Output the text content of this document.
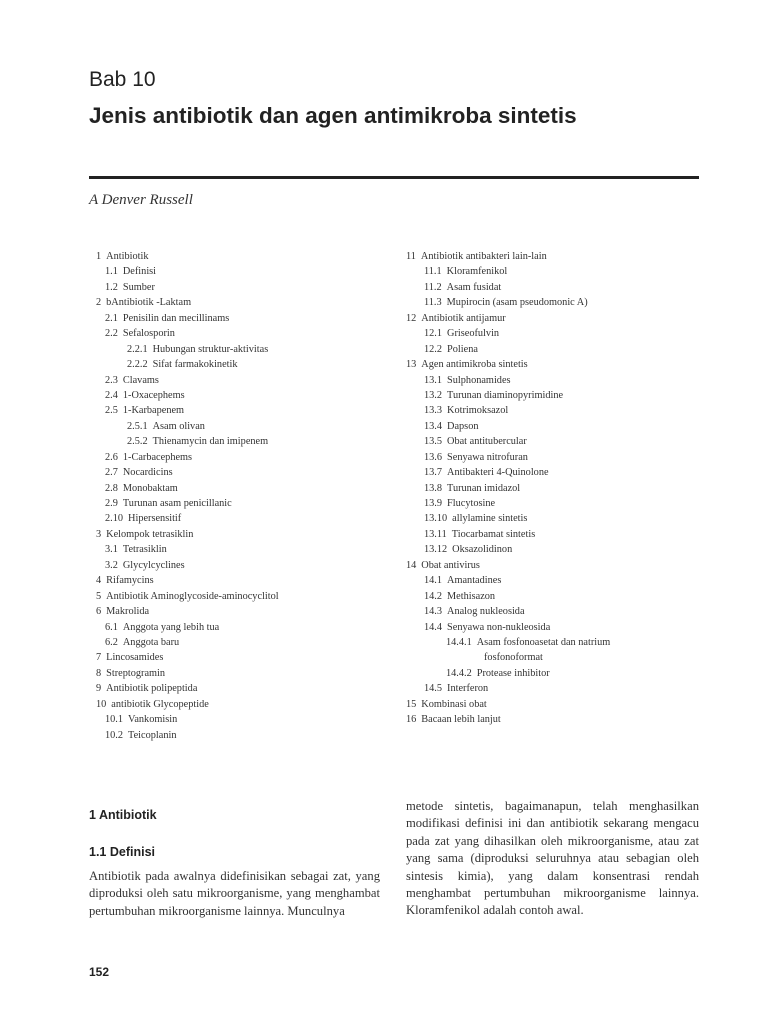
Bab 10
Jenis antibiotik dan agen antimikroba sintetis
A Denver Russell
1 Antibiotik
1.1 Definisi
1.2 Sumber
2 bAntibiotik -Laktam
2.1 Penisilin dan mecillinams
2.2 Sefalosporin
2.2.1 Hubungan struktur-aktivitas
2.2.2 Sifat farmakokinetik
2.3 Clavams
2.4 1-Oxacephems
2.5 1-Karbapenem
2.5.1 Asam olivan
2.5.2 Thienamycin dan imipenem
2.6 1-Carbacephems
2.7 Nocardicins
2.8 Monobaktam
2.9 Turunan asam penicillanic
2.10 Hipersensitif
3 Kelompok tetrasiklin
3.1 Tetrasiklin
3.2 Glycylcyclines
4 Rifamycins
5 Antibiotik Aminoglycoside-aminocyclitol
6 Makrolida
6.1 Anggota yang lebih tua
6.2 Anggota baru
7 Lincosamides
8 Streptogramin
9 Antibiotik polipeptida
10 antibiotik Glycopeptide
10.1 Vankomisin
10.2 Teicoplanin
11 Antibiotik antibakteri lain-lain
11.1 Kloramfenikol
11.2 Asam fusidat
11.3 Mupirocin (asam pseudomonic A)
12 Antibiotik antijamur
12.1 Griseofulvin
12.2 Poliena
13 Agen antimikroba sintetis
13.1 Sulphonamides
13.2 Turunan diaminopyrimidine
13.3 Kotrimoksazol
13.4 Dapson
13.5 Obat antitubercular
13.6 Senyawa nitrofuran
13.7 Antibakteri 4-Quinolone
13.8 Turunan imidazol
13.9 Flucytosine
13.10 allylamine sintetis
13.11 Tiocarbamat sintetis
13.12 Oksazolidinon
14 Obat antivirus
14.1 Amantadines
14.2 Methisazon
14.3 Analog nukleosida
14.4 Senyawa non-nukleosida
14.4.1 Asam fosfonoasetat dan natrium
fosfonoformat
14.4.2 Protease inhibitor
14.5 Interferon
15 Kombinasi obat
16 Bacaan lebih lanjut
1 Antibiotik
1.1 Definisi
Antibiotik pada awalnya didefinisikan sebagai zat, yang diproduksi oleh satu mikroorganisme, yang menghambat pertumbuhan mikroorganisme lainnya. Munculnya
metode sintetis, bagaimanapun, telah menghasilkan modifikasi definisi ini dan antibiotik sekarang mengacu pada zat yang dihasilkan oleh mikroorganisme, atau zat yang sama (diproduksi seluruhnya atau sebagian oleh sintesis kimia), yang dalam konsentrasi rendah menghambat pertumbuhan mikroorganisme lainnya. Kloramfenikol adalah contoh awal.
152
